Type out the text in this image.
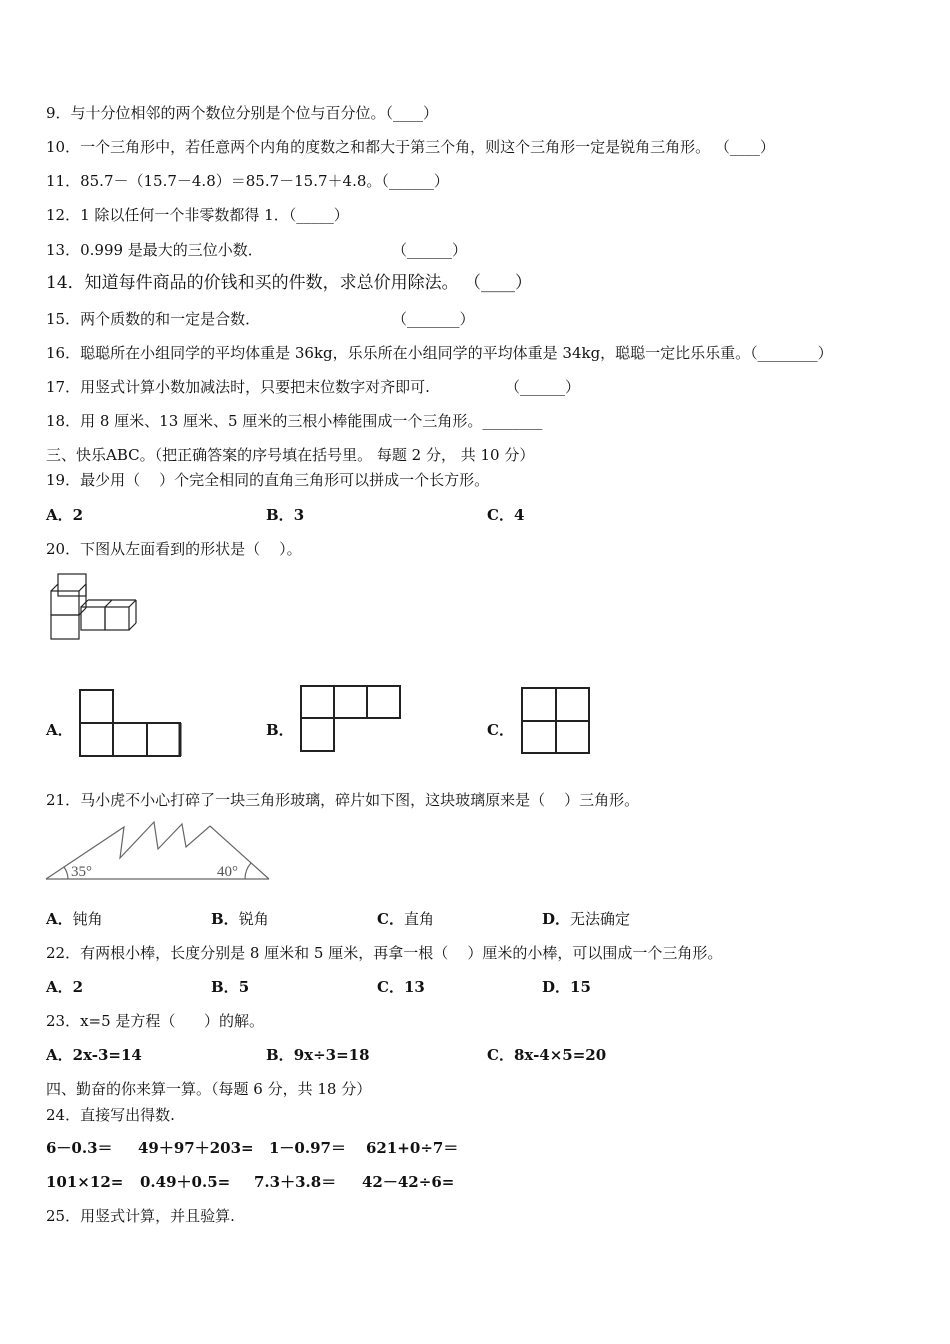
9．与十分位相邻的两个数位分别是个位与百分位。（____）
10．一个三角形中，若任意两个内角的度数之和都大于第三个角，则这个三角形一定是锐角三角形。 （____）
11．85.7－（15.7－4.8）＝85.7－15.7＋4.8。（______）
12．1 除以任何一个非零数都得 1．（_____）
13．0.999 是最大的三位小数．	（______）
14．知道每件商品的价钱和买的件数，求总价用除法。 （____）
15．两个质数的和一定是合数．	（_______）
16．聪聪所在小组同学的平均体重是 36kg，乐乐所在小组同学的平均体重是 34kg，聪聪一定比乐乐重。（________）
17．用竖式计算小数加减法时，只要把末位数字对齐即可.	（______）
18．用 8 厘米、13 厘米、5 厘米的三根小棒能围成一个三角形。________
三、快乐ABC。（把正确答案的序号填在括号里。 每题 2 分， 共 10 分）
19．最少用（    ）个完全相同的直角三角形可以拼成一个长方形。
A．2	B．3	C．4
20．下图从左面看到的形状是（    ）。
A．	B．	C．
21．马小虎不小心打碎了一块三角形玻璃，碎片如下图，这块玻璃原来是（    ）三角形。
35°	40°
A．钝角	B．锐角	C．直角	D．无法确定
22．有两根小棒，长度分别是 8 厘米和 5 厘米，再拿一根（    ）厘米的小棒，可以围成一个三角形。
A．2	B．5	C．13	D．15
23．x=5 是方程（      ）的解。
A．2x-3=14	B．9x÷3=18	C．8x-4×5=20
四、勤奋的你来算一算。（每题 6 分，共 18 分）
24．直接写出得数.
6－0.3＝ 49＋97＋203= 1－0.97＝ 621+0÷7＝
101×12= 0.49＋0.5= 7.3＋3.8＝ 42－42÷6=
25．用竖式计算，并且验算.
